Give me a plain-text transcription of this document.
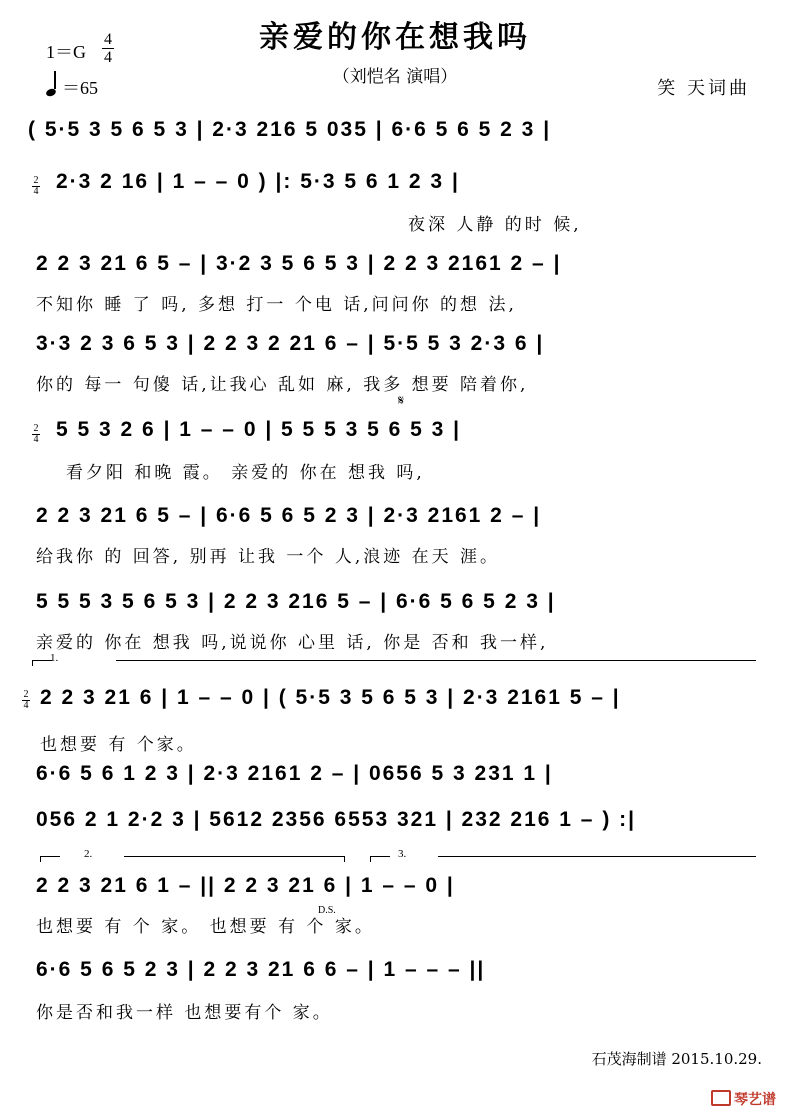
亲爱的你在想我吗
（刘恺名 演唱）
1＝G
4
4
＝65	笑 天词曲
( 5·5 3 5 6 5 3 | 2·3 216 5 035 | 6·6 5 6 5 2 3 |
2
4 2·3 2 16 | 1 – – 0 ) |: 5·3 5 6 1 2 3 |
夜深 人静 的时 候,
2 2 3 21 6 5 – | 3·2 3 5 6 5 3 | 2 2 3 2161 2 – |
不知你 睡 了 吗, 多想 打一 个电 话,问问你 的想 法,
3·3 2 3 6 5 3 | 2 2 3 2 21 6 – | 5·5 5 3 2·3 6 |
你的 每一 句傻 话,让我心 乱如 麻, 我多 想要 陪着你,
𝄋
2
4 5 5 3 2 6 | 1 – – 0 | 5 5 5 3 5 6 5 3 |
看夕阳 和晚 霞。 亲爱的 你在 想我 吗,
2 2 3 21 6 5 – | 6·6 5 6 5 2 3 | 2·3 2161 2 – |
给我你 的 回答, 别再 让我 一个 人,浪迹 在天 涯。
5 5 5 3 5 6 5 3 | 2 2 3 216 5 – | 6·6 5 6 5 2 3 |
亲爱的 你在 想我 吗,说说你 心里 话, 你是 否和 我一样,
1.
2
4 2 2 3 21 6 | 1 – – 0 | ( 5·5 3 5 6 5 3 | 2·3 2161 5 – |
也想要 有 个家。
6·6 5 6 1 2 3 | 2·3 2161 2 – | 0656 5 3 231 1 |
056 2 1 2·2 3 | 5612 2356 6553 321 | 232 216 1 – ) :|
2.	3.
2 2 3 21 6 1 – || 2 2 3 21 6 | 1 – – 0 |
D.S.
也想要 有 个 家。 也想要 有 个 家。
6·6 5 6 5 2 3 | 2 2 3 21 6 6 – | 1 – – – ||
你是否和我一样 也想要有个 家。
石茂海制谱 2015.10.29.
琴艺谱
